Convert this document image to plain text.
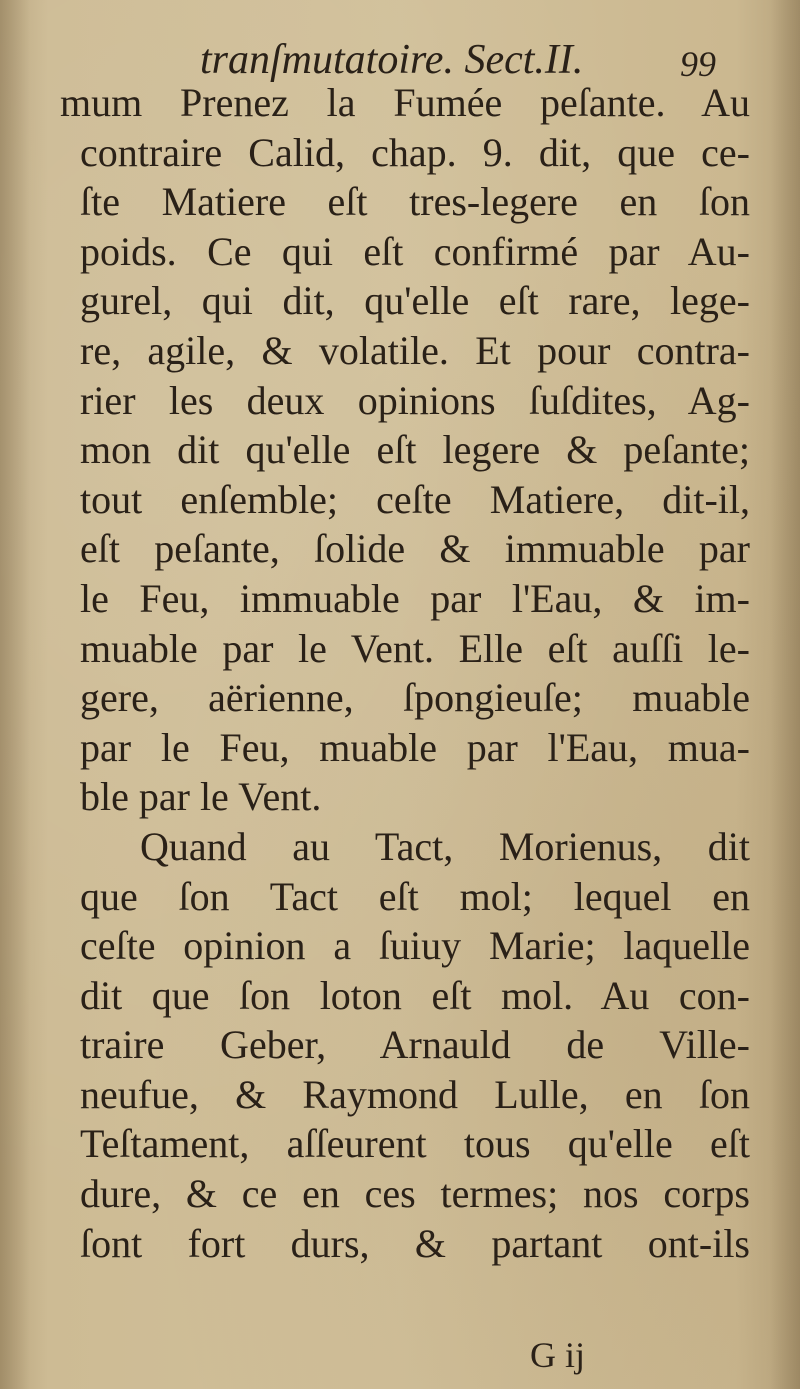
tranſmutatoire. Sect.II.	99
mum Prenez la Fumée peſante. Au
contraire Calid, chap. 9. dit, que ce-
ſte Matiere eſt tres-legere en ſon
poids. Ce qui eſt confirmé par Au-
gurel, qui dit, qu'elle eſt rare, lege-
re, agile, & volatile. Et pour contra-
rier les deux opinions ſuſdites, Ag-
mon dit qu'elle eſt legere & peſante;
tout enſemble; ceſte Matiere, dit-il,
eſt peſante, ſolide & immuable par
le Feu, immuable par l'Eau, & im-
muable par le Vent. Elle eſt auſſi le-
gere, aërienne, ſpongieuſe; muable
par le Feu, muable par l'Eau, mua-
ble par le Vent.
Quand au Tact, Morienus, dit
que ſon Tact eſt mol; lequel en
ceſte opinion a ſuiuy Marie; laquelle
dit que ſon loton eſt mol. Au con-
traire Geber, Arnauld de Ville-
neufue, & Raymond Lulle, en ſon
Teſtament, aſſeurent tous qu'elle eſt
dure, & ce en ces termes; nos corps
ſont fort durs, & partant ont-ils
G ij
